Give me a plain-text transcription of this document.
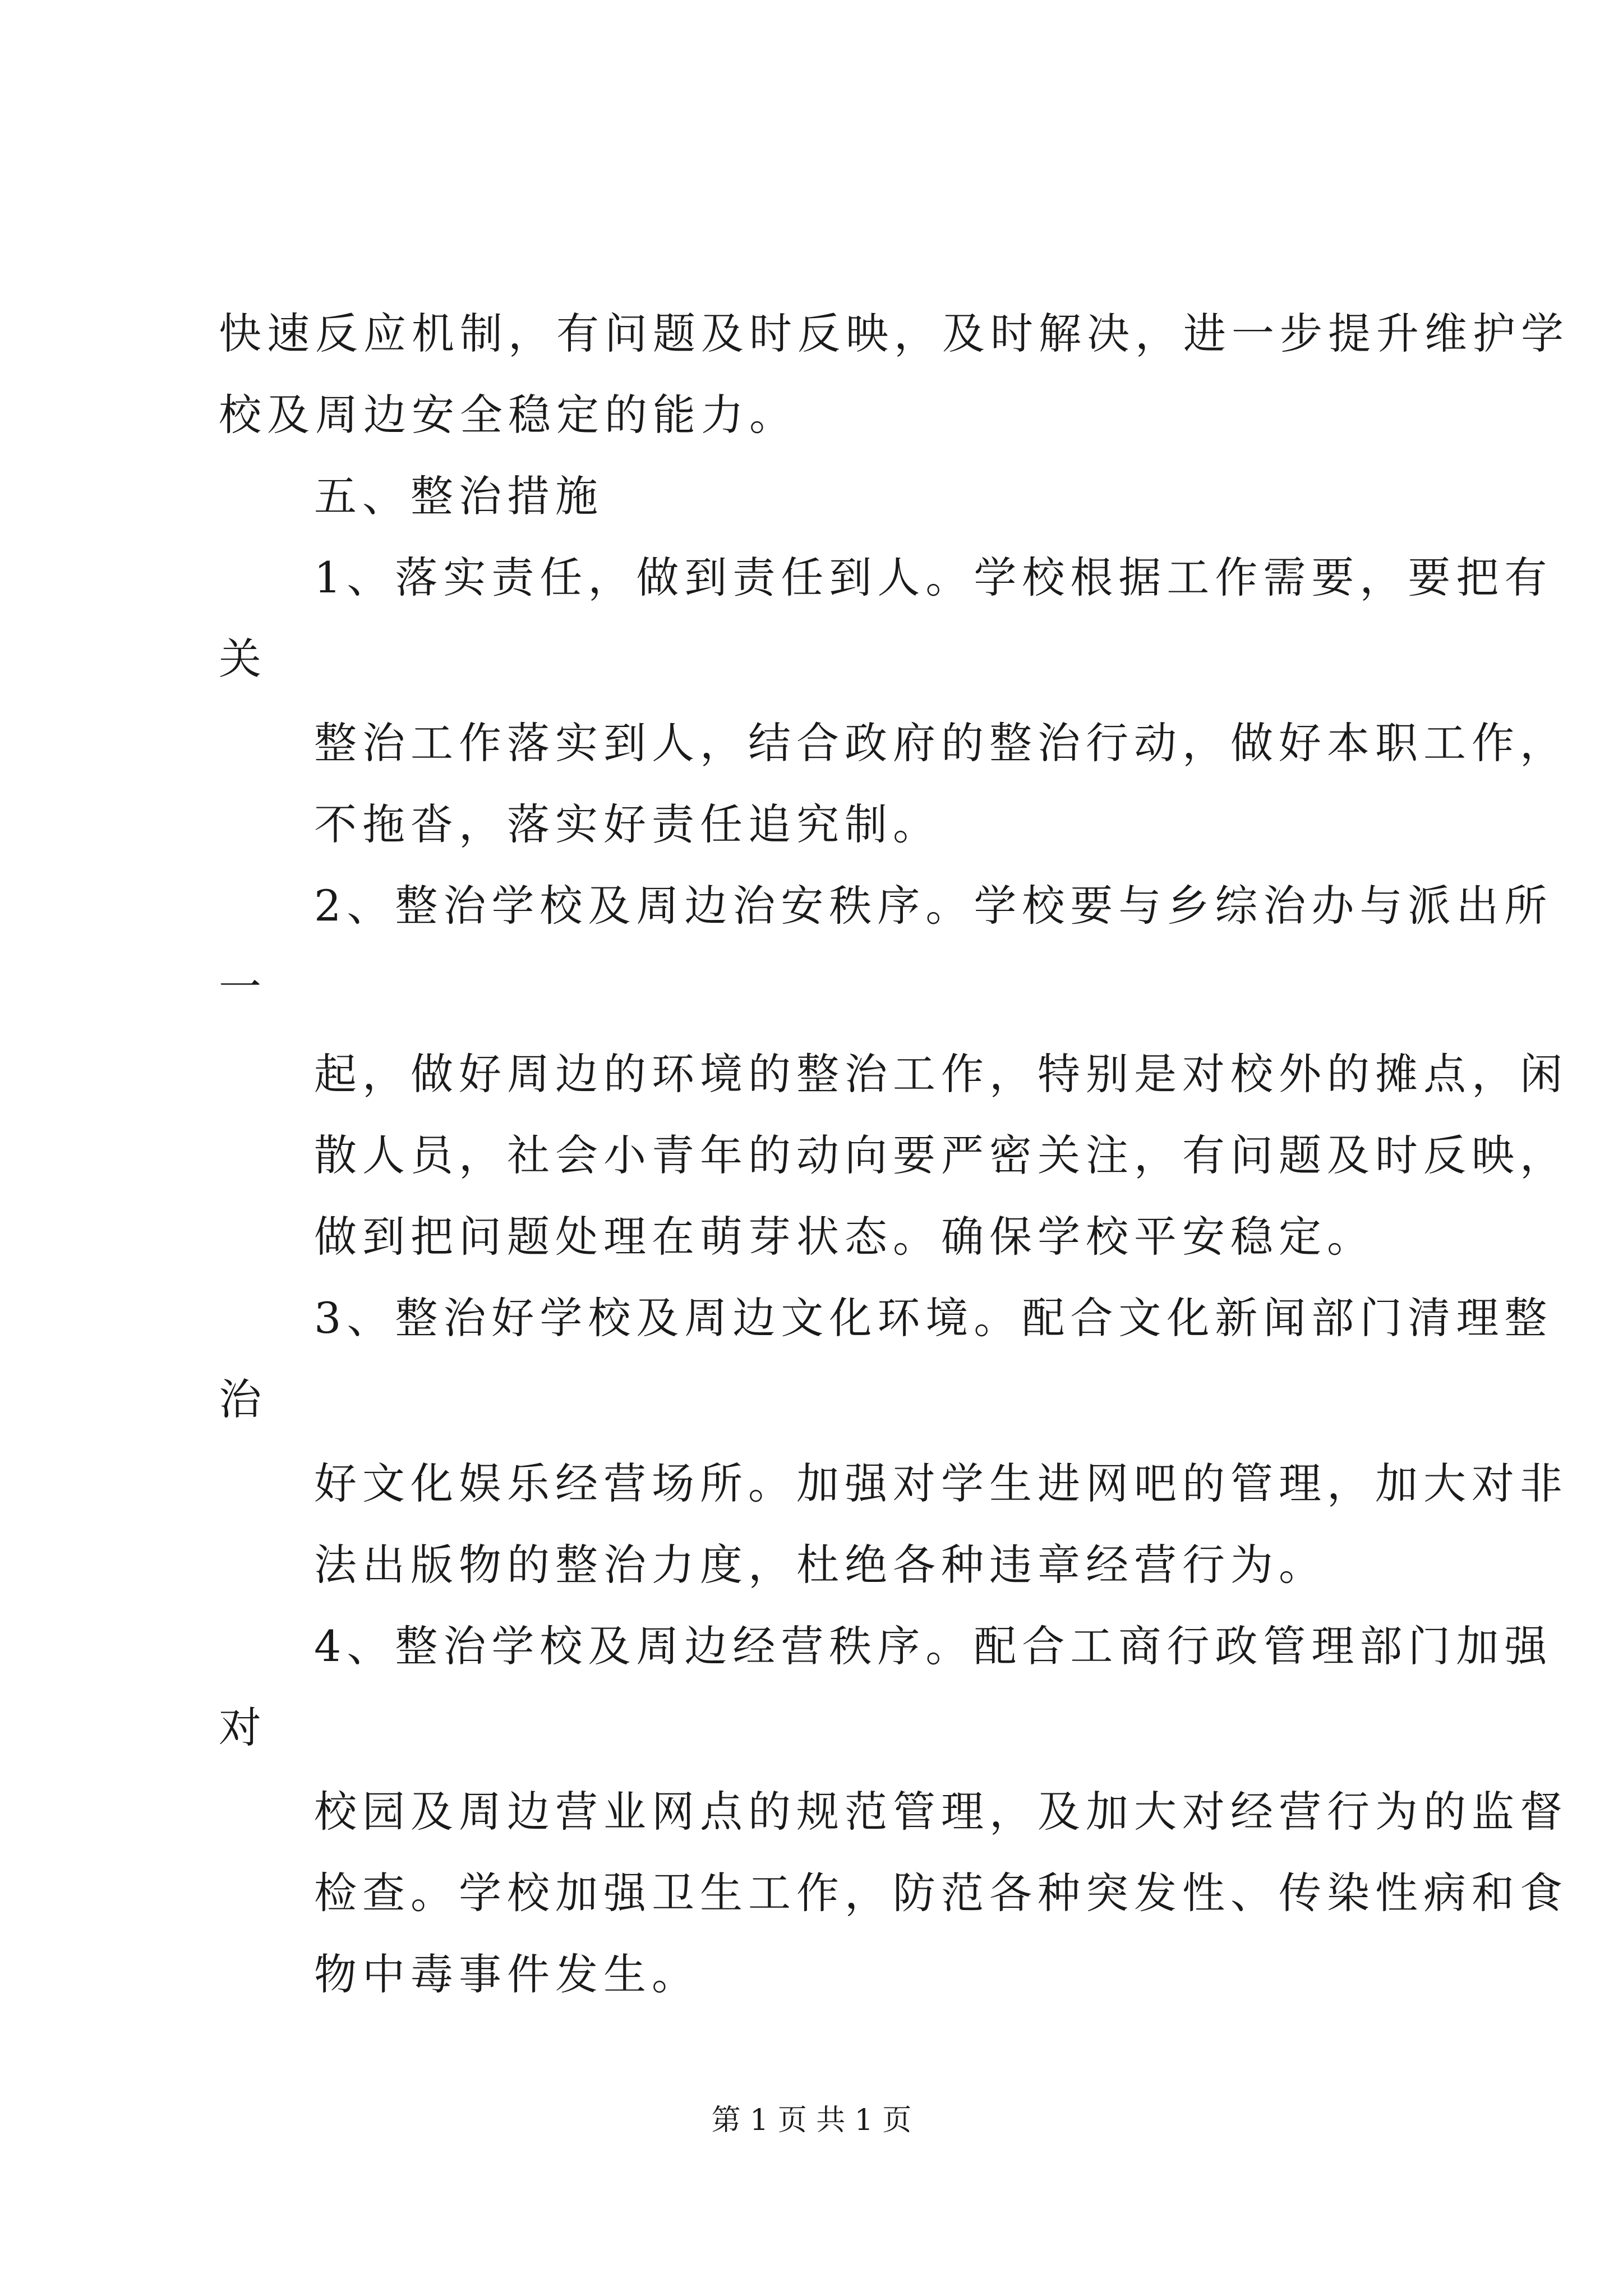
快速反应机制，有问题及时反映，及时解决，进一步提升维护学
校及周边安全稳定的能力。
五、整治措施
1、落实责任，做到责任到人。学校根据工作需要，要把有
关
整治工作落实到人，结合政府的整治行动，做好本职工作，
不拖沓，落实好责任追究制。
2、整治学校及周边治安秩序。学校要与乡综治办与派出所
一
起，做好周边的环境的整治工作，特别是对校外的摊点，闲
散人员，社会小青年的动向要严密关注，有问题及时反映，
做到把问题处理在萌芽状态。确保学校平安稳定。
3、整治好学校及周边文化环境。配合文化新闻部门清理整
治
好文化娱乐经营场所。加强对学生进网吧的管理，加大对非
法出版物的整治力度，杜绝各种违章经营行为。
4、整治学校及周边经营秩序。配合工商行政管理部门加强
对
校园及周边营业网点的规范管理，及加大对经营行为的监督
检查。学校加强卫生工作，防范各种突发性、传染性病和食
物中毒事件发生。
第 1 页 共 1 页
